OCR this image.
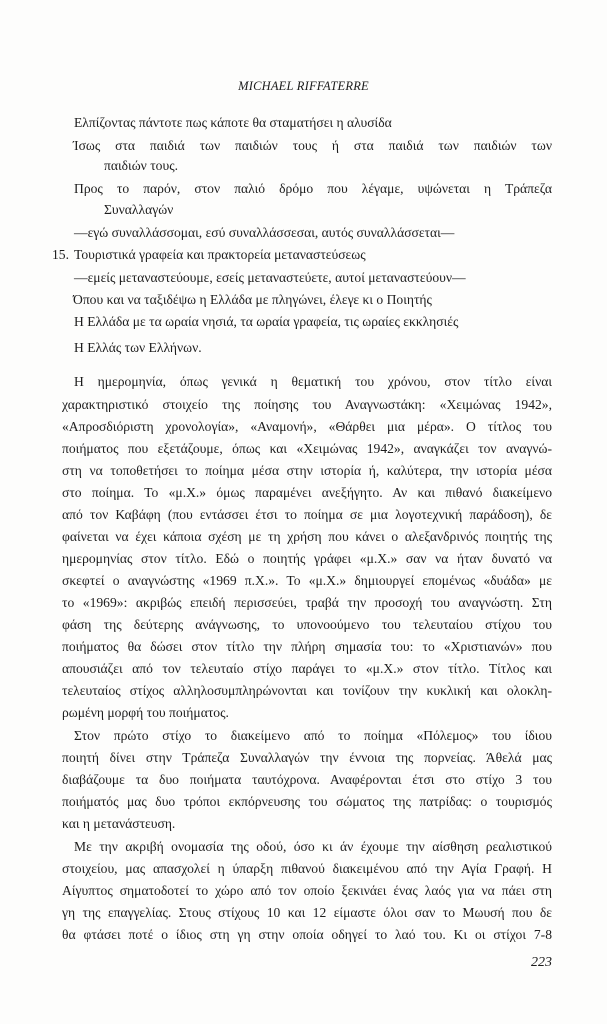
MICHAEL RIFFATERRE
Ελπίζοντας πάντοτε πως κάποτε θα σταματήσει η αλυσίδα
Ίσως στα παιδιά των παιδιών τους ή στα παιδιά των παιδιών των
παιδιών τους.
Προς το παρόν, στον παλιό δρόμο που λέγαμε, υψώνεται η Τράπεζα
Συναλλαγών
—εγώ συναλλάσσομαι, εσύ συναλλάσσεσαι, αυτός συναλλάσσεται—
15. Τουριστικά γραφεία και πρακτορεία μεταναστεύσεως
—εμείς μεταναστεύουμε, εσείς μεταναστεύετε, αυτοί μεταναστεύουν—
Όπου και να ταξιδέψω η Ελλάδα με πληγώνει, έλεγε κι ο Ποιητής
Η Ελλάδα με τα ωραία νησιά, τα ωραία γραφεία, τις ωραίες εκκλησιές
Η Ελλάς των Ελλήνων.
Η ημερομηνία, όπως γενικά η θεματική του χρόνου, στον τίτλο είναι
χαρακτηριστικό στοιχείο της ποίησης του Αναγνωστάκη: «Χειμώνας 1942»,
«Απροσδιόριστη χρονολογία», «Αναμονή», «Θάρθει μια μέρα». Ο τίτλος του
ποιήματος που εξετάζουμε, όπως και «Χειμώνας 1942», αναγκάζει τον αναγνώ-
στη να τοποθετήσει το ποίημα μέσα στην ιστορία ή, καλύτερα, την ιστορία μέσα
στο ποίημα. Το «μ.Χ.» όμως παραμένει ανεξήγητο. Αν και πιθανό διακείμενο
από τον Καβάφη (που εντάσσει έτσι το ποίημα σε μια λογοτεχνική παράδοση), δε
φαίνεται να έχει κάποια σχέση με τη χρήση που κάνει ο αλεξανδρινός ποιητής της
ημερομηνίας στον τίτλο. Εδώ ο ποιητής γράφει «μ.Χ.» σαν να ήταν δυνατό να
σκεφτεί ο αναγνώστης «1969 π.Χ.». Το «μ.Χ.» δημιουργεί επομένως «δυάδα» με
το «1969»: ακριβώς επειδή περισσεύει, τραβά την προσοχή του αναγνώστη. Στη
φάση της δεύτερης ανάγνωσης, το υπονοούμενο του τελευταίου στίχου του
ποιήματος θα δώσει στον τίτλο την πλήρη σημασία του: το «Χριστιανών» που
απουσιάζει από τον τελευταίο στίχο παράγει το «μ.Χ.» στον τίτλο. Τίτλος και
τελευταίος στίχος αλληλοσυμπληρώνονται και τονίζουν την κυκλική και ολοκλη-
ρωμένη μορφή του ποιήματος.
Στον πρώτο στίχο το διακείμενο από το ποίημα «Πόλεμος» του ίδιου
ποιητή δίνει στην Τράπεζα Συναλλαγών την έννοια της πορνείας. Άθελά μας
διαβάζουμε τα δυο ποιήματα ταυτόχρονα. Αναφέρονται έτσι στο στίχο 3 του
ποιήματός μας δυο τρόποι εκπόρνευσης του σώματος της πατρίδας: ο τουρισμός
και η μετανάστευση.
Με την ακριβή ονομασία της οδού, όσο κι άν έχουμε την αίσθηση ρεαλιστικού
στοιχείου, μας απασχολεί η ύπαρξη πιθανού διακειμένου από την Αγία Γραφή. Η
Αίγυπτος σηματοδοτεί το χώρο από τον οποίο ξεκινάει ένας λαός για να πάει στη
γη της επαγγελίας. Στους στίχους 10 και 12 είμαστε όλοι σαν το Μωυσή που δε
θα φτάσει ποτέ ο ίδιος στη γη στην οποία οδηγεί το λαό του. Κι οι στίχοι 7-8
223
